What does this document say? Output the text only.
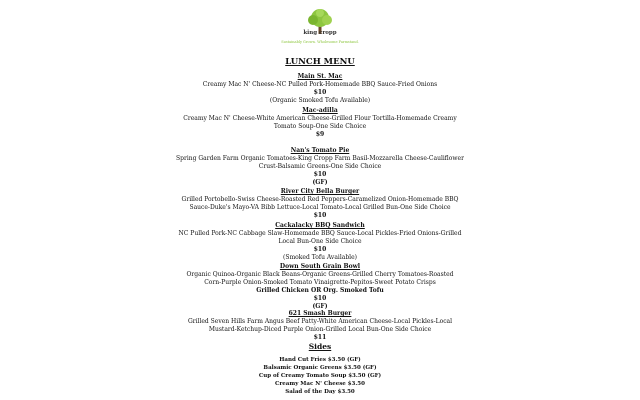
king cropp
Sustainably Grown. Wholesome Farmstand.
LUNCH MENU
Main St. Mac
Creamy Mac N' Cheese-NC Pulled Pork-Homemade BBQ Sauce-Fried Onions
$10
(Organic Smoked Tofu Available)
Mac-adilla
Creamy Mac N' Cheese-White American Cheese-Grilled Flour Tortilla-Homemade Creamy
Tomato Soup-One Side Choice
$9
Nan's Tomato Pie
Spring Garden Farm Organic Tomatoes-King Cropp Farm Basil-Mozzarella Cheese-Cauliflower
Crust-Balsamic Greens-One Side Choice
$10
(GF)
River City Bella Burger
Grilled Portobello-Swiss Cheese-Roasted Red Peppers-Caramelized Onion-Homemade BBQ
Sauce-Duke's Mayo-VA Bibb Lettuce-Local Tomato-Local Grilled Bun-One Side Choice
$10
Cackalacky BBQ Sandwich
NC Pulled Pork-NC Cabbage Slaw-Homemade BBQ Sauce-Local Pickles-Fried Onions-Grilled
Local Bun-One Side Choice
$10
(Smoked Tofu Available)
Down South Grain Bowl
Organic Quinoa-Organic Black Beans-Organic Greens-Grilled Cherry Tomatoes-Roasted
Corn-Purple Onion-Smoked Tomato Vinaigrette-Pepitos-Sweet Potato Crisps
Grilled Chicken OR Org. Smoked Tofu
$10
(GF)
621 Smash Burger
Grilled Seven Hills Farm Angus Beef Patty-White American Cheese-Local Pickles-Local
Mustard-Ketchup-Diced Purple Onion-Grilled Local Bun-One Side Choice
$11
Sides
Hand Cut Fries $3.50 (GF)
Balsamic Organic Greens $3.50 (GF)
Cup of Creamy Tomato Soup $3.50 (GF)
Creamy Mac N' Cheese $3.50
Salad of the Day $3.50
